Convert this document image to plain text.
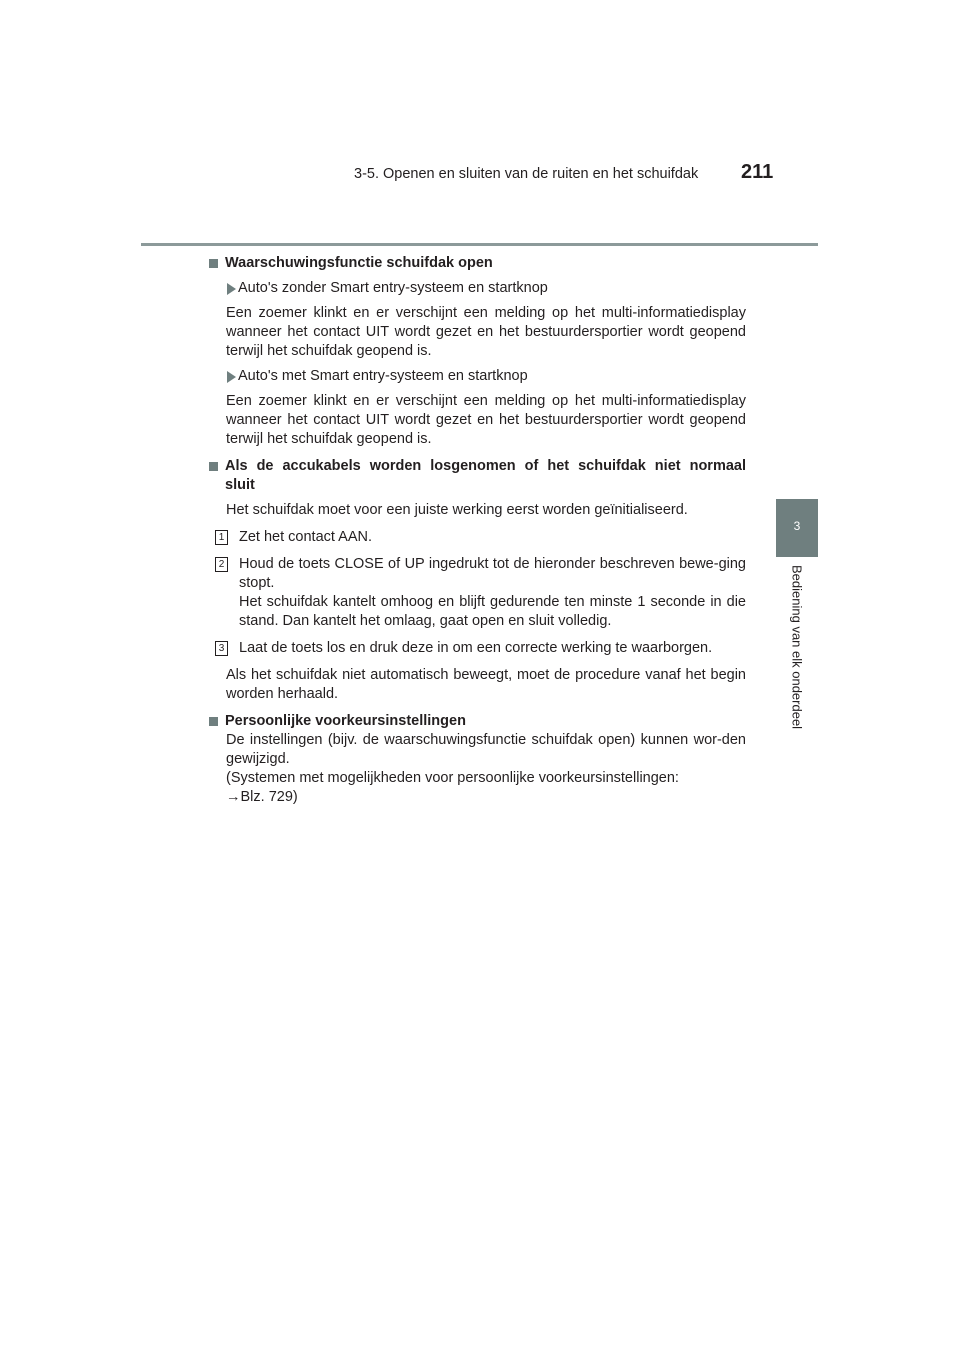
3-5. Openen en sluiten van de ruiten en het schuifdak 211
3
Bediening van elk onderdeel
Waarschuwingsfunctie schuifdak open
Auto's zonder Smart entry-systeem en startknop
Een zoemer klinkt en er verschijnt een melding op het multi-informatiedisplay wanneer het contact UIT wordt gezet en het bestuurdersportier wordt geopend terwijl het schuifdak geopend is.
Auto's met Smart entry-systeem en startknop
Een zoemer klinkt en er verschijnt een melding op het multi-informatiedisplay wanneer het contact UIT wordt gezet en het bestuurdersportier wordt geopend terwijl het schuifdak geopend is.
Als de accukabels worden losgenomen of het schuifdak niet normaal
sluit
Het schuifdak moet voor een juiste werking eerst worden geïnitialiseerd.
1 Zet het contact AAN.
2 Houd de toets CLOSE of UP ingedrukt tot de hieronder beschreven bewe-ging stopt.
Het schuifdak kantelt omhoog en blijft gedurende ten minste 1 seconde in die stand. Dan kantelt het omlaag, gaat open en sluit volledig.
3 Laat de toets los en druk deze in om een correcte werking te waarborgen.
Als het schuifdak niet automatisch beweegt, moet de procedure vanaf het begin worden herhaald.
Persoonlijke voorkeursinstellingen
De instellingen (bijv. de waarschuwingsfunctie schuifdak open) kunnen wor-den gewijzigd.
(Systemen met mogelijkheden voor persoonlijke voorkeursinstellingen:
→Blz. 729)
